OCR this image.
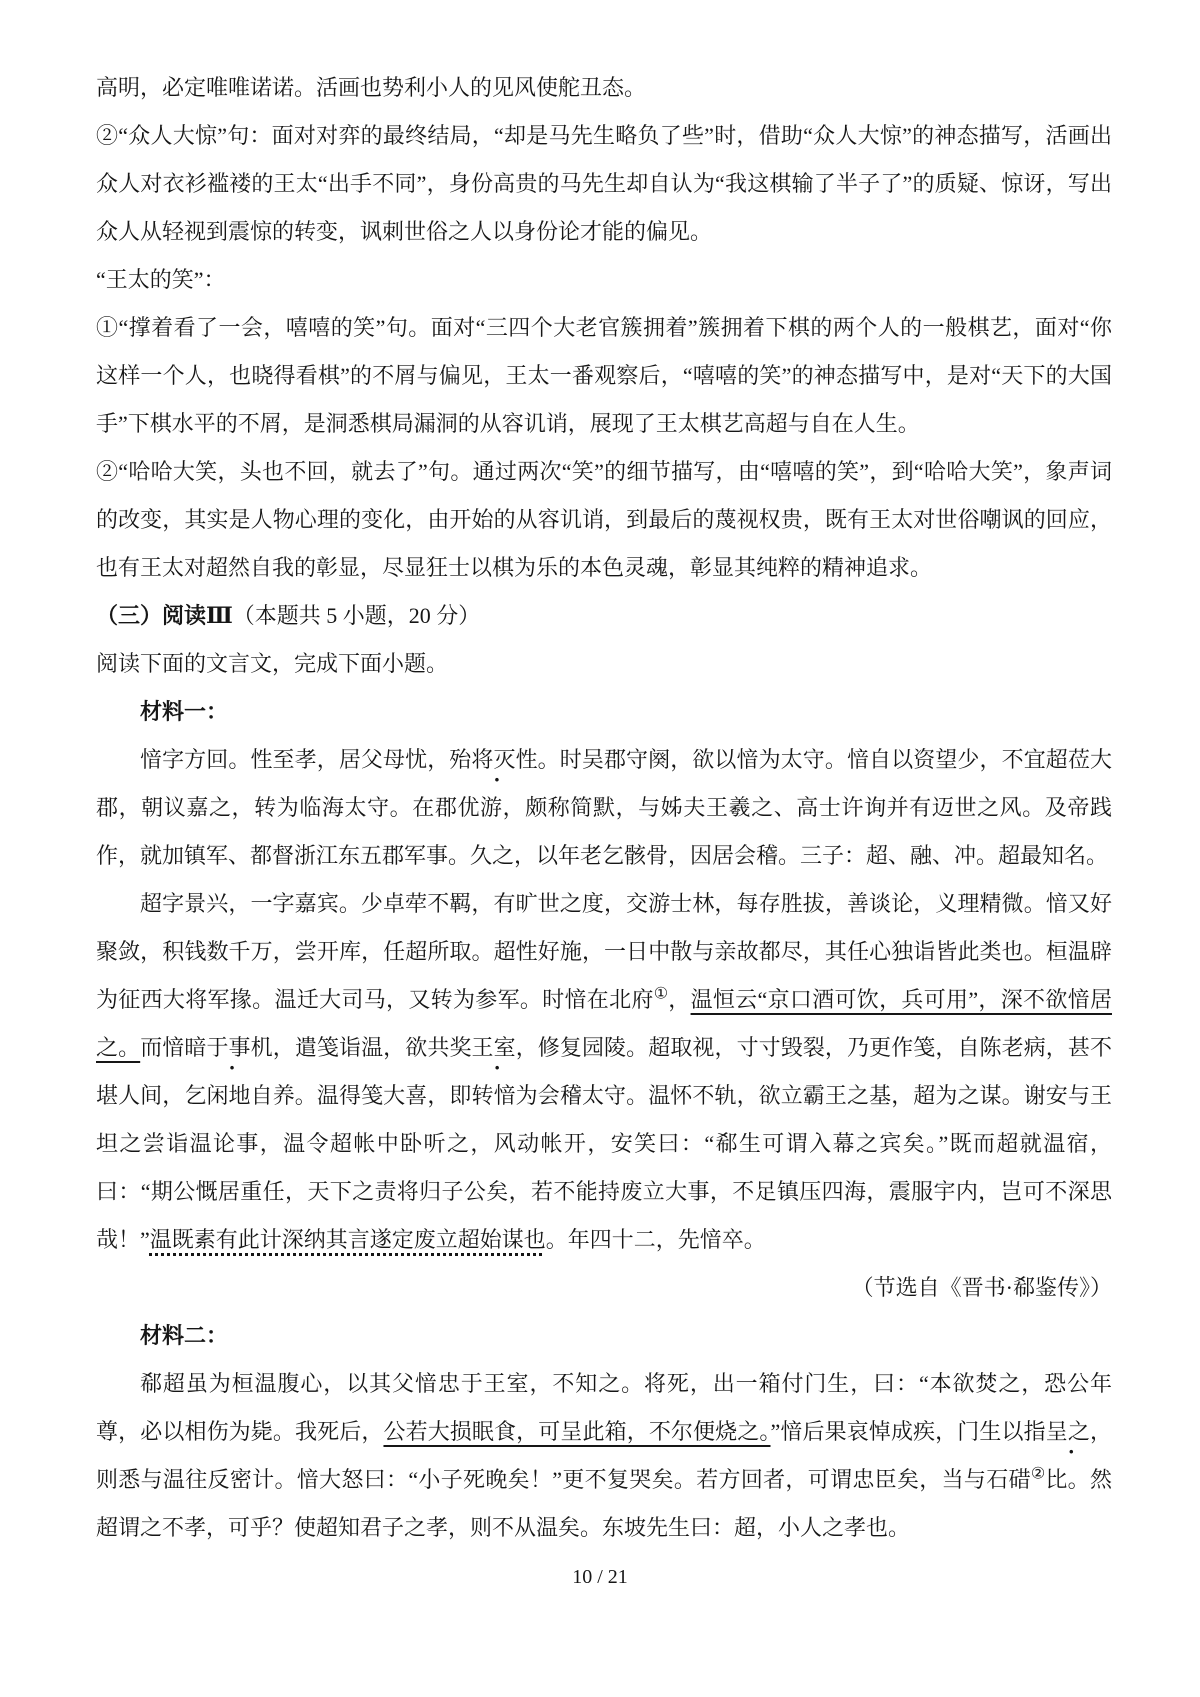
高明，必定唯唯诺诺。活画也势利小人的见风使舵丑态。

②“众人大惊”句：面对对弈的最终结局，“却是马先生略负了些”时，借助“众人大惊”的神态描写，活画出众人对衣衫褴褛的王太“出手不同”，身份高贵的马先生却自认为“我这棋输了半子了”的质疑、惊讶，写出众人从轻视到震惊的转变，讽刺世俗之人以身份论才能的偏见。

“王太的笑”：

①“撑着看了一会，嘻嘻的笑”句。面对“三四个大老官簇拥着”簇拥着下棋的两个人的一般棋艺，面对“你这样一个人，也晓得看棋”的不屑与偏见，王太一番观察后，“嘻嘻的笑”的神态描写中，是对“天下的大国手”下棋水平的不屑，是洞悉棋局漏洞的从容讥诮，展现了王太棋艺高超与自在人生。

②“哈哈大笑，头也不回，就去了”句。通过两次“笑”的细节描写，由“嘻嘻的笑”，到“哈哈大笑”，象声词的改变，其实是人物心理的变化，由开始的从容讥诮，到最后的蔑视权贵，既有王太对世俗嘲讽的回应，也有王太对超然自我的彰显，尽显狂士以棋为乐的本色灵魂，彰显其纯粹的精神追求。

（三）阅读Ⅲ（本题共 5 小题，20 分）

阅读下面的文言文，完成下面小题。

材料一：

愔字方回。性至孝，居父母忧，殆将灭性。时吴郡守阕，欲以愔为太守。愔自以资望少，不宜超莅大郡，朝议嘉之，转为临海太守。在郡优游，颇称简默，与姊夫王羲之、高士许询并有迈世之风。及帝践作，就加镇军、都督浙江东五郡军事。久之，以年老乞骸骨，因居会稽。三子：超、融、冲。超最知名。

超字景兴，一字嘉宾。少卓荦不羁，有旷世之度，交游士林，每存胜拔，善谈论，义理精微。愔又好聚敛，积钱数千万，尝开库，任超所取。超性好施，一日中散与亲故都尽，其任心独诣皆此类也。桓温辟为征西大将军掾。温迁大司马，又转为参军。时愔在北府①，温恒云“京口酒可饮，兵可用”，深不欲愔居之。而愔暗于事机，遣笺诣温，欲共奖王室，修复园陵。超取视，寸寸毁裂，乃更作笺，自陈老病，甚不堪人间，乞闲地自养。温得笺大喜，即转愔为会稽太守。温怀不轨，欲立霸王之基，超为之谋。谢安与王坦之尝诣温论事，温令超帐中卧听之，风动帐开，安笑曰：“郗生可谓入幕之宾矣。”既而超就温宿，曰：“期公慨居重任，天下之责将归子公矣，若不能持废立大事，不足镇压四海，震服宇内，岂可不深思哉！”温既素有此计深纳其言遂定废立超始谋也。年四十二，先愔卒。

（节选自《晋书·郗鉴传》）

材料二：

郗超虽为桓温腹心，以其父愔忠于王室，不知之。将死，出一箱付门生，曰：“本欲焚之，恐公年尊，必以相伤为毙。我死后，公若大损眠食，可呈此箱，不尔便烧之。”愔后果哀悼成疾，门生以指呈之，则悉与温往反密计。愔大怒曰：“小子死晚矣！”更不复哭矣。若方回者，可谓忠臣矣，当与石碏②比。然超谓之不孝，可乎？使超知君子之孝，则不从温矣。东坡先生曰：超，小人之孝也。

10 / 21
